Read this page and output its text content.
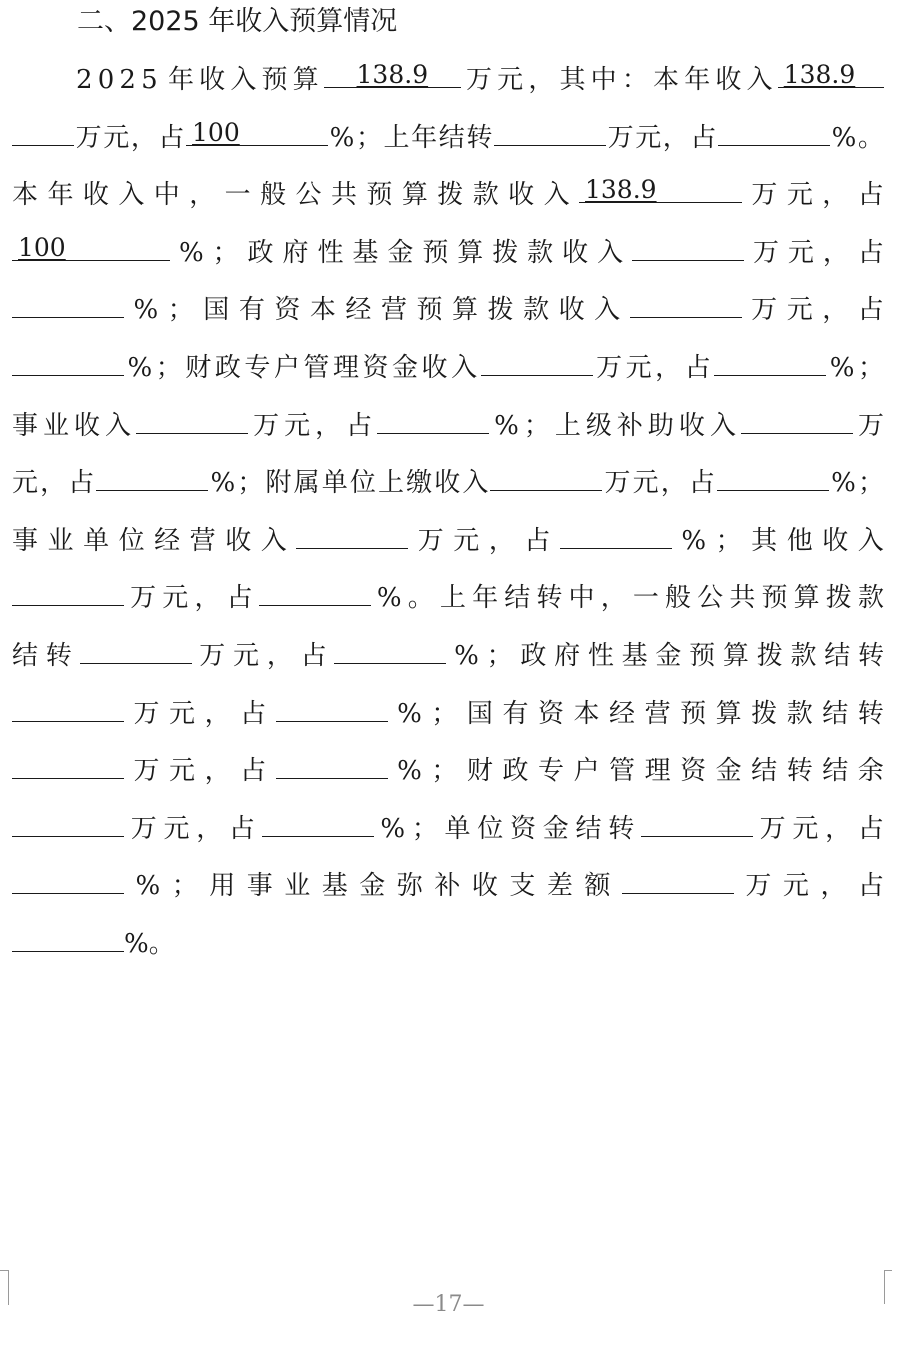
二、2025 年收入预算情况
2 0 2 5 年 收 入 预 算	138.9	万 元 ， 其 中 ： 本 年 收 入 138.9
万 元 ， 占 100	% ； 上 年 结 转	万 元 ， 占	% 。
本 年 收 入 中 ， 一 般 公 共 预 算 拨 款 收 入 138.9	万 元 ， 占
100	% ； 政 府 性 基 金 预 算 拨 款 收 入	万 元 ， 占
% ； 国 有 资 本 经 营 预 算 拨 款 收 入	万 元 ， 占
% ； 财 政 专 户 管 理 资 金 收 入	万 元 ， 占	% ；
事 业 收 入	万 元 ， 占	% ； 上 级 补 助 收 入	万
元 ， 占	% ； 附 属 单 位 上 缴 收 入	万 元 ， 占	% ；
事 业 单 位 经 营 收 入	万 元 ， 占	% ； 其 他 收 入
万 元 ， 占	% 。 上 年 结 转 中 ， 一 般 公 共 预 算 拨 款
结 转	万 元 ， 占	% ； 政 府 性 基 金 预 算 拨 款 结 转
万 元 ， 占	% ； 国 有 资 本 经 营 预 算 拨 款 结 转
万 元 ， 占	% ； 财 政 专 户 管 理 资 金 结 转 结 余
万 元 ， 占	% ； 单 位 资 金 结 转	万 元 ， 占
% ； 用 事 业 基 金 弥 补 收 支 差 额	万 元 ， 占
% 。
—17—
